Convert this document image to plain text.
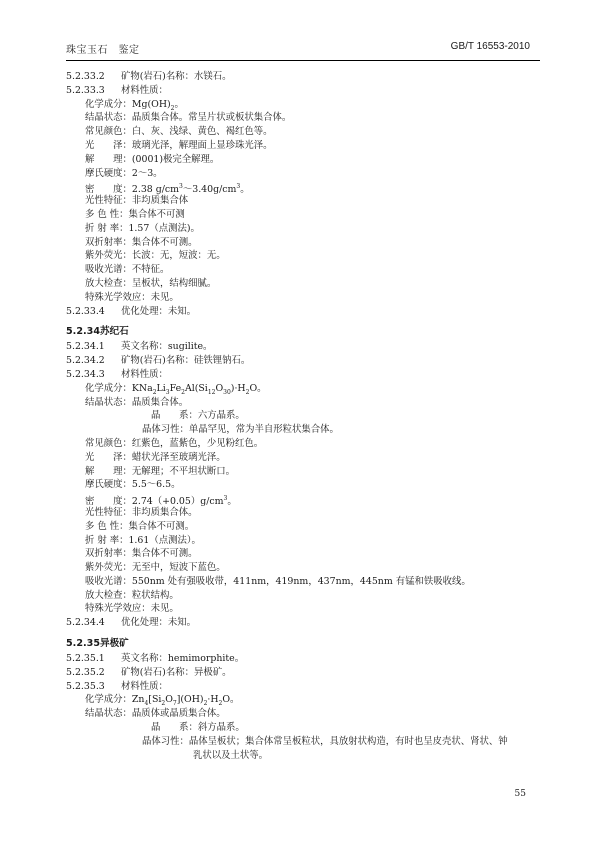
珠宝玉石　鉴定	GB/T 16553-2010
5.2.33.2 矿物(岩石)名称：水镁石。
5.2.33.3 材料性质：
化学成分：$Mg(OH)_2$。
结晶状态：晶质集合体。常呈片状或板状集合体。
常见颜色：白、灰、浅绿、黄色、褐红色等。
光　　泽：玻璃光泽，解理面上显珍珠光泽。
解　　理：(0001)极完全解理。
摩氏硬度：2～3。
密　　度：2.38 $g/cm^3\sim 3.40g/cm^3$。
光性特征：非均质集合体
多 色 性：集合体不可测
折 射 率：1.57（点测法)。
双折射率：集合体不可测。
紫外荧光：长波：无，短波：无。
吸收光谱：不特征。
放大检查：呈板状，结构细腻。
特殊光学效应：未见。
5.2.33.4 优化处理：未知。
5.2.34 苏纪石
5.2.34.1 英文名称：sugilite。
5.2.34.2 矿物(岩石)名称：硅铁锂钠石。
5.2.34.3 材料性质：
化学成分：$KNa_2Li_3Fe_2Al(Si_{12}O_{30})\cdot H_2O$。
结晶状态：晶质集合体。
晶　　系：六方晶系。
晶体习性：单晶罕见，常为半自形粒状集合体。
常见颜色：红紫色，蓝紫色，少见粉红色。
光　　泽：蜡状光泽至玻璃光泽。
解　　理：无解理；不平坦状断口。
摩氏硬度：5.5～6.5。
密　　度：$2.74(+0.05)g/cm^3$。
光性特征：非均质集合体。
多 色 性：集合体不可测。
折 射 率：1.61（点测法）。
双折射率：集合体不可测。
紫外荧光：无至中，短波下蓝色。
吸收光谱：550nm 处有强吸收带，411nm，419nm，437nm，445nm 有锰和铁吸收线。
放大检查：粒状结构。
特殊光学效应：未见。
5.2.34.4 优化处理：未知。
5.2.35 异极矿
5.2.35.1 英文名称：hemimorphite。
5.2.35.2 矿物(岩石)名称：异极矿。
5.2.35.3 材料性质：
化学成分：$Zn_4[Si_2O_7](OH)_2\cdot H_2O$。
结晶状态：晶质体或晶质集合体。
晶　　系：斜方晶系。
晶体习性：晶体呈板状；集合体常呈板粒状，具放射状构造，有时也呈皮壳状、肾状、钟
乳状以及土状等。
55
